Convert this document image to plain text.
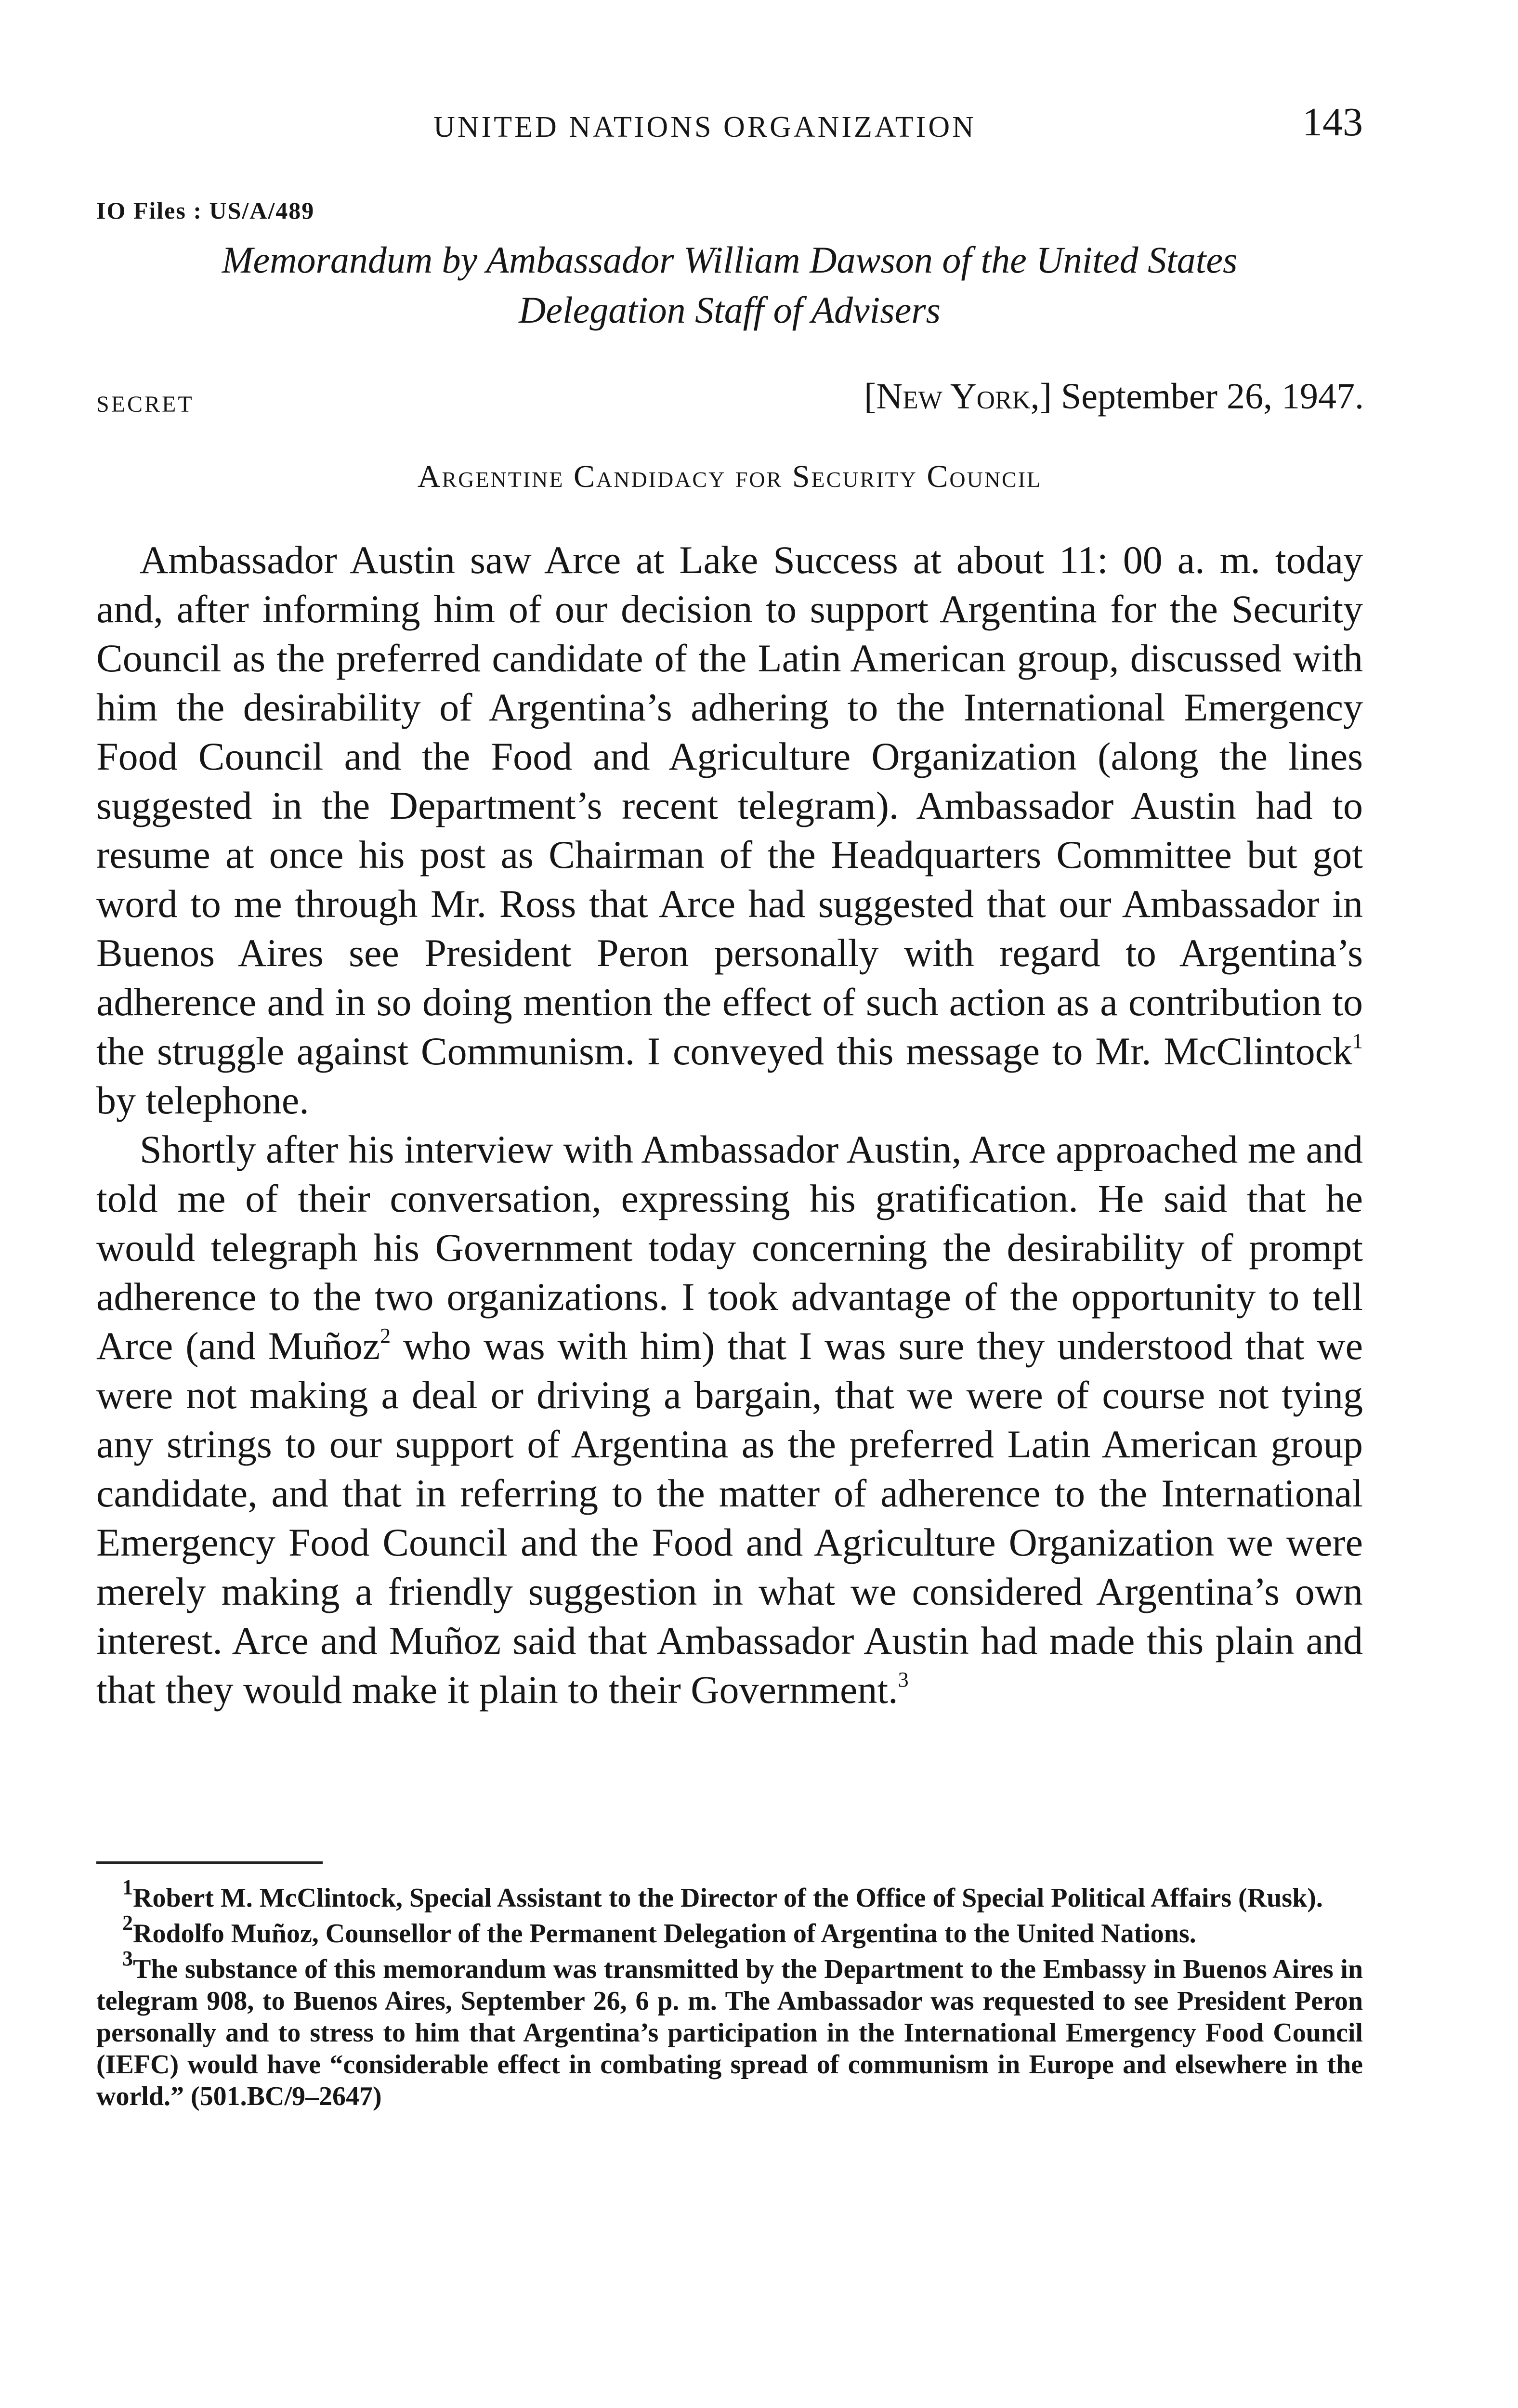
UNITED NATIONS ORGANIZATION	143
IO Files : US/A/489
Memorandum by Ambassador William Dawson of the United States
Delegation Staff of Advisers
SECRET	[New York,] September 26, 1947.
Argentine Candidacy for Security Council

Ambassador Austin saw Arce at Lake Success at about 11: 00 a. m. today and, after informing him of our decision to support Argentina for the Security Council as the preferred candidate of the Latin American group, discussed with him the desirability of Argentina’s adhering to the International Emergency Food Council and the Food and Agriculture Organization (along the lines suggested in the Department’s recent telegram). Ambassador Austin had to resume at once his post as Chairman of the Headquarters Committee but got word to me through Mr. Ross that Arce had suggested that our Ambassador in Buenos Aires see President Peron personally with regard to Argentina’s adherence and in so doing mention the effect of such action as a contribution to the struggle against Communism. I conveyed this message to Mr. McClintock$^1$ by telephone.

Shortly after his interview with Ambassador Austin, Arce approached me and told me of their conversation, expressing his gratification. He said that he would telegraph his Government today concerning the desirability of prompt adherence to the two organizations. I took advantage of the opportunity to tell Arce (and Muñoz$^2$ who was with him) that I was sure they understood that we were not making a deal or driving a bargain, that we were of course not tying any strings to our support of Argentina as the preferred Latin American group candidate, and that in referring to the matter of adherence to the International Emergency Food Council and the Food and Agriculture Organization we were merely making a friendly suggestion in what we considered Argentina’s own interest. Arce and Muñoz said that Ambassador Austin had made this plain and that they would make it plain to their Government.$^3$

$^1$Robert M. McClintock, Special Assistant to the Director of the Office of Special Political Affairs (Rusk).

$^2$Rodolfo Muñoz, Counsellor of the Permanent Delegation of Argentina to the United Nations.

$^3$The substance of this memorandum was transmitted by the Department to the Embassy in Buenos Aires in telegram 908, to Buenos Aires, September 26, 6 p. m. The Ambassador was requested to see President Peron personally and to stress to him that Argentina’s participation in the International Emergency Food Council (IEFC) would have “considerable effect in combating spread of communism in Europe and elsewhere in the world.” (501.BC/9–2647)
